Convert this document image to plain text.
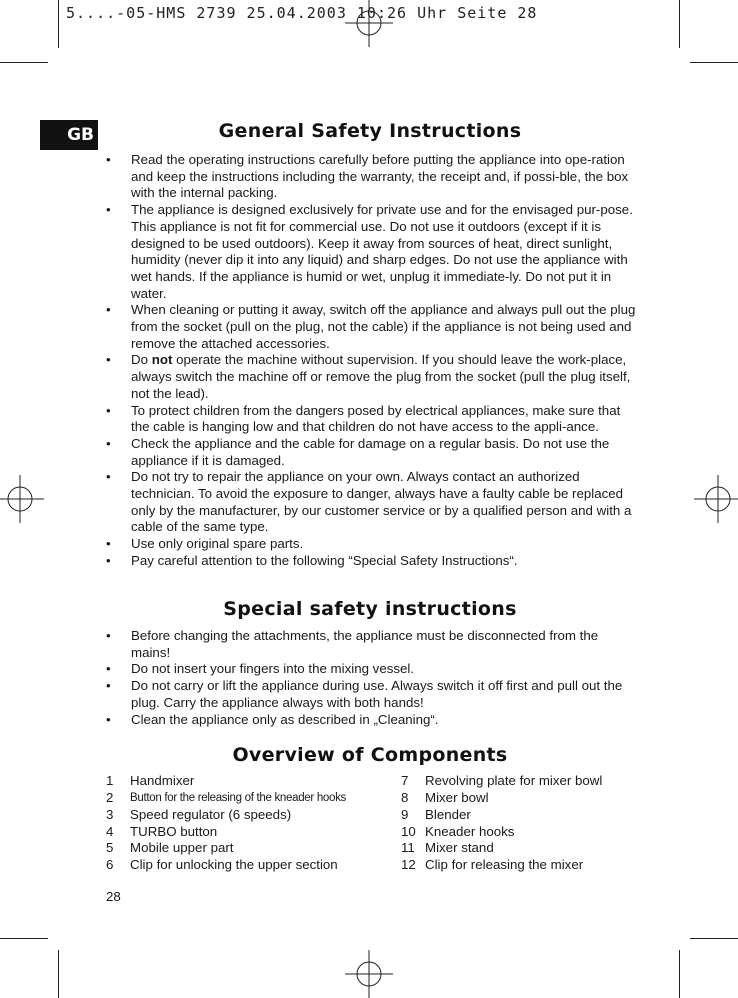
5....-05-HMS 2739 25.04.2003 10:26 Uhr Seite 28

GB	General Safety Instructions
• Read the operating instructions carefully before putting the appliance into ope-ration and keep the instructions including the warranty, the receipt and, if possi-ble, the box with the internal packing.
• The appliance is designed exclusively for private use and for the envisaged pur-pose. This appliance is not fit for commercial use. Do not use it outdoors (except if it is designed to be used outdoors). Keep it away from sources of heat, direct sunlight, humidity (never dip it into any liquid) and sharp edges. Do not use the appliance with wet hands. If the appliance is humid or wet, unplug it immediate-ly. Do not put it in water.
• When cleaning or putting it away, switch off the appliance and always pull out the plug from the socket (pull on the plug, not the cable) if the appliance is not being used and remove the attached accessories.
• Do not operate the machine without supervision. If you should leave the work-place, always switch the machine off or remove the plug from the socket (pull the plug itself, not the lead).
• To protect children from the dangers posed by electrical appliances, make sure that the cable is hanging low and that children do not have access to the appli-ance.
• Check the appliance and the cable for damage on a regular basis. Do not use the appliance if it is damaged.
• Do not try to repair the appliance on your own. Always contact an authorized technician. To avoid the exposure to danger, always have a faulty cable be replaced only by the manufacturer, by our customer service or by a qualified person and with a cable of the same type.
• Use only original spare parts.
• Pay careful attention to the following “Special Safety Instructions“.
Special safety instructions
• Before changing the attachments, the appliance must be disconnected from the mains!
• Do not insert your fingers into the mixing vessel.
• Do not carry or lift the appliance during use. Always switch it off first and pull out the plug. Carry the appliance always with both hands!
• Clean the appliance only as described in „Cleaning“.
Overview of Components
1 Handmixer
2 Button for the releasing of the kneader hooks
3 Speed regulator (6 speeds)
4 TURBO button
5 Mobile upper part
6 Clip for unlocking the upper section
7 Revolving plate for mixer bowl
8 Mixer bowl
9 Blender
10 Kneader hooks
11 Mixer stand
12 Clip for releasing the mixer

28
